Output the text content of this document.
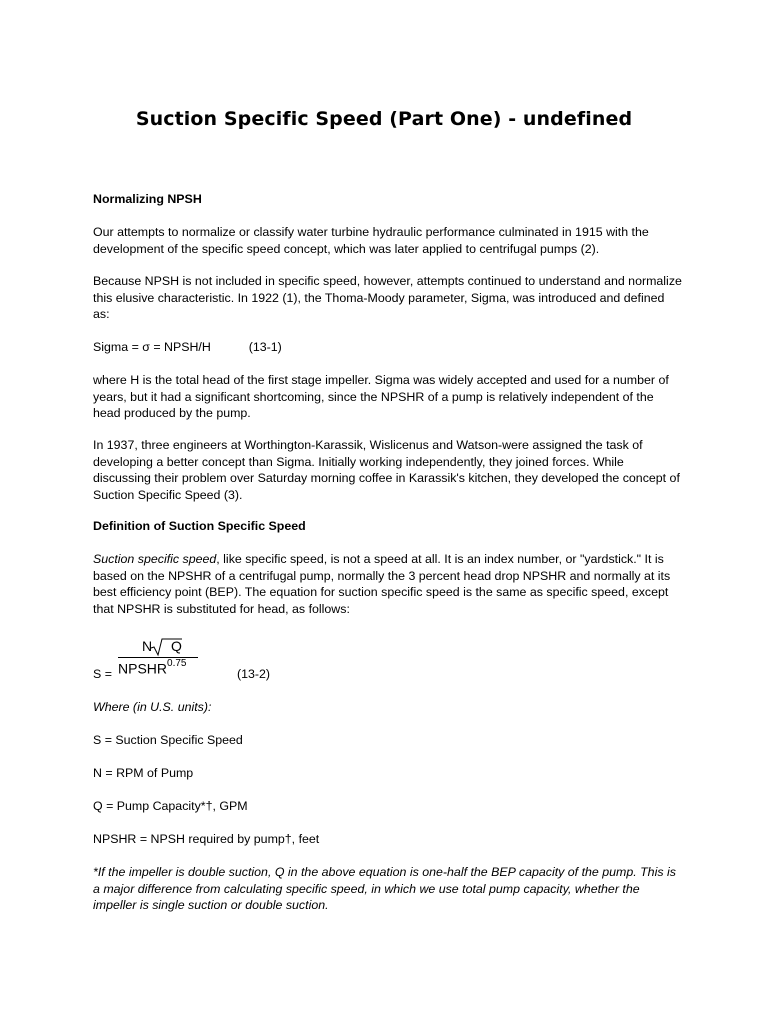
Suction Specific Speed (Part One) - undefined
Normalizing NPSH
Our attempts to normalize or classify water turbine hydraulic performance culminated in 1915 with the development of the specific speed concept, which was later applied to centrifugal pumps (2).
Because NPSH is not included in specific speed, however, attempts continued to understand and normalize this elusive characteristic. In 1922 (1), the Thoma-Moody parameter, Sigma, was introduced and defined as:
Sigma = σ = NPSH/H           (13-1)
where H is the total head of the first stage impeller. Sigma was widely accepted and used for a number of years, but it had a significant shortcoming, since the NPSHR of a pump is relatively independent of the head produced by the pump.
In 1937, three engineers at Worthington-Karassik, Wislicenus and Watson-were assigned the task of developing a better concept than Sigma. Initially working independently, they joined forces. While discussing their problem over Saturday morning coffee in Karassik's kitchen, they developed the concept of Suction Specific Speed (3).
Definition of Suction Specific Speed
Suction specific speed, like specific speed, is not a speed at all. It is an index number, or "yardstick." It is based on the NPSHR of a centrifugal pump, normally the 3 percent head drop NPSHR and normally at its best efficiency point (BEP). The equation for suction specific speed is the same as specific speed, except that NPSHR is substituted for head, as follows:
S =
N Q
$NPSHR^{0.75}$
(13-2)
Where (in U.S. units):
S = Suction Specific Speed
N = RPM of Pump
Q = Pump Capacity*†, GPM
NPSHR = NPSH required by pump†, feet
*If the impeller is double suction, Q in the above equation is one-half the BEP capacity of the pump. This is a major difference from calculating specific speed, in which we use total pump capacity, whether the impeller is single suction or double suction.
